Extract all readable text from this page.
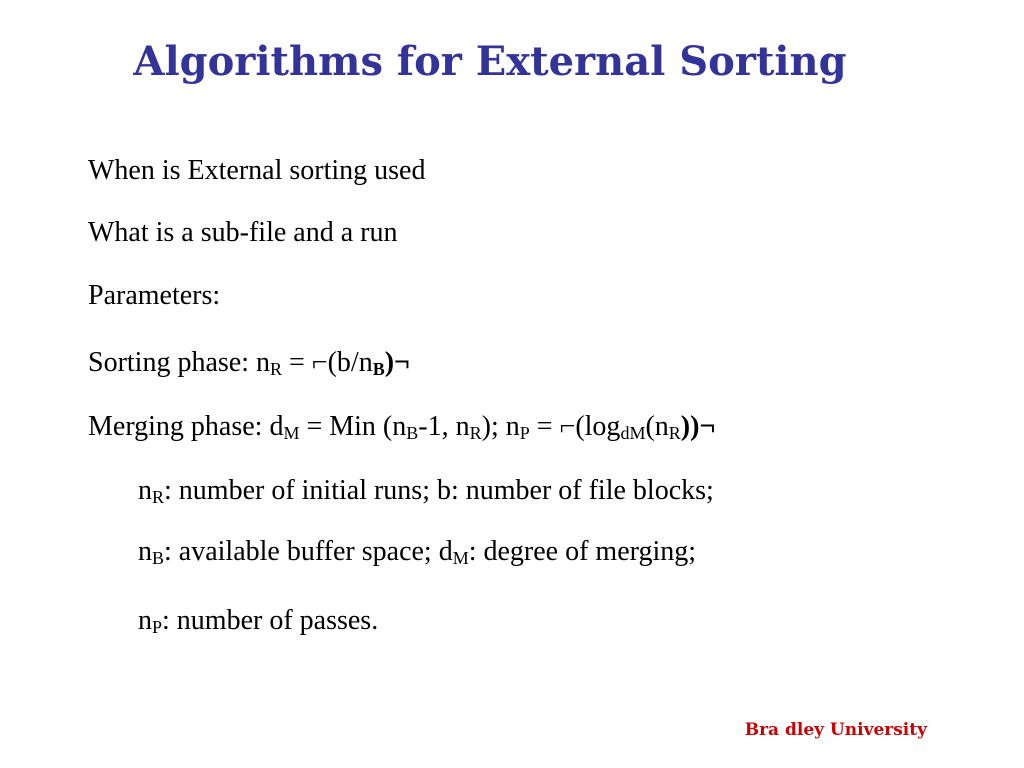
Algorithms for External Sorting
When is External sorting used
What is a sub-file and a run
Parameters:
Sorting phase: $n_R$ = $⌐(b/n_B)\neg$
Merging phase: $d_M$ = Min ($n_B-1$, $n_R$); $n_P$ = $⌐(\log_{dM}(n_R))\neg$
$n_R$: number of initial runs; b: number of file blocks;
$n_B$: available buffer space; $d_M$: degree of merging;
$n_P$: number of passes.
Bra dley University
